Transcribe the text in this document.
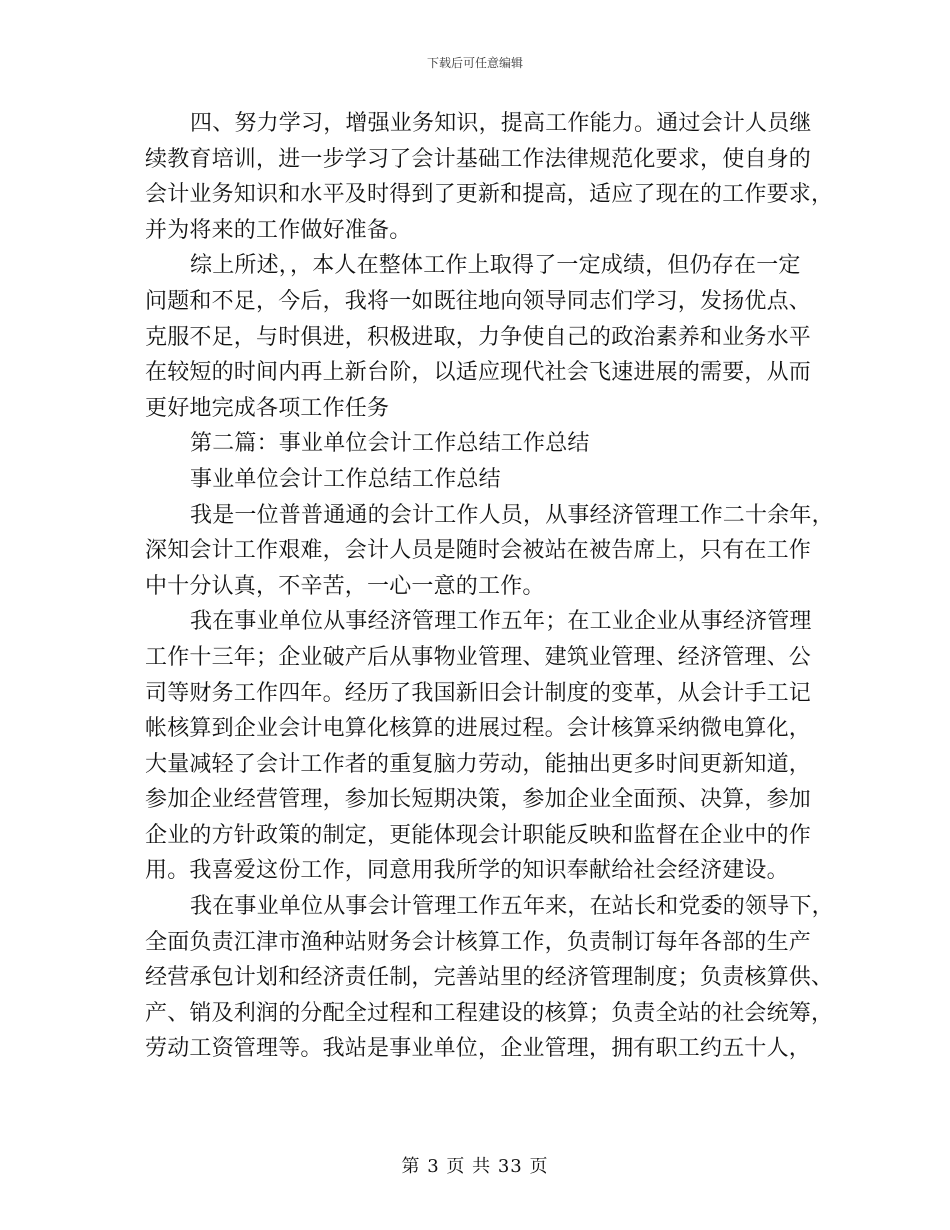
下载后可任意编辑
四、努力学习，增强业务知识，提高工作能力。通过会计人员继
续教育培训，进一步学习了会计基础工作法律规范化要求，使自身的
会计业务知识和水平及时得到了更新和提高，适应了现在的工作要求，
并为将来的工作做好准备。
综上所述，，本人在整体工作上取得了一定成绩，但仍存在一定
问题和不足，今后，我将一如既往地向领导同志们学习，发扬优点、
克服不足，与时俱进，积极进取，力争使自己的政治素养和业务水平
在较短的时间内再上新台阶，以适应现代社会飞速进展的需要，从而
更好地完成各项工作任务
第二篇：事业单位会计工作总结工作总结
事业单位会计工作总结工作总结
我是一位普普通通的会计工作人员，从事经济管理工作二十余年，
深知会计工作艰难，会计人员是随时会被站在被告席上，只有在工作
中十分认真，不辛苦，一心一意的工作。
我在事业单位从事经济管理工作五年；在工业企业从事经济管理
工作十三年；企业破产后从事物业管理、建筑业管理、经济管理、公
司等财务工作四年。经历了我国新旧会计制度的变革，从会计手工记
帐核算到企业会计电算化核算的进展过程。会计核算采纳微电算化，
大量减轻了会计工作者的重复脑力劳动，能抽出更多时间更新知道，
参加企业经营管理，参加长短期决策，参加企业全面预、决算，参加
企业的方针政策的制定，更能体现会计职能反映和监督在企业中的作
用。我喜爱这份工作，同意用我所学的知识奉献给社会经济建设。
我在事业单位从事会计管理工作五年来，在站长和党委的领导下，
全面负责江津市渔种站财务会计核算工作，负责制订每年各部的生产
经营承包计划和经济责任制，完善站里的经济管理制度；负责核算供、
产、销及利润的分配全过程和工程建设的核算；负责全站的社会统筹，
劳动工资管理等。我站是事业单位，企业管理，拥有职工约五十人，
第 3 页 共 33 页
